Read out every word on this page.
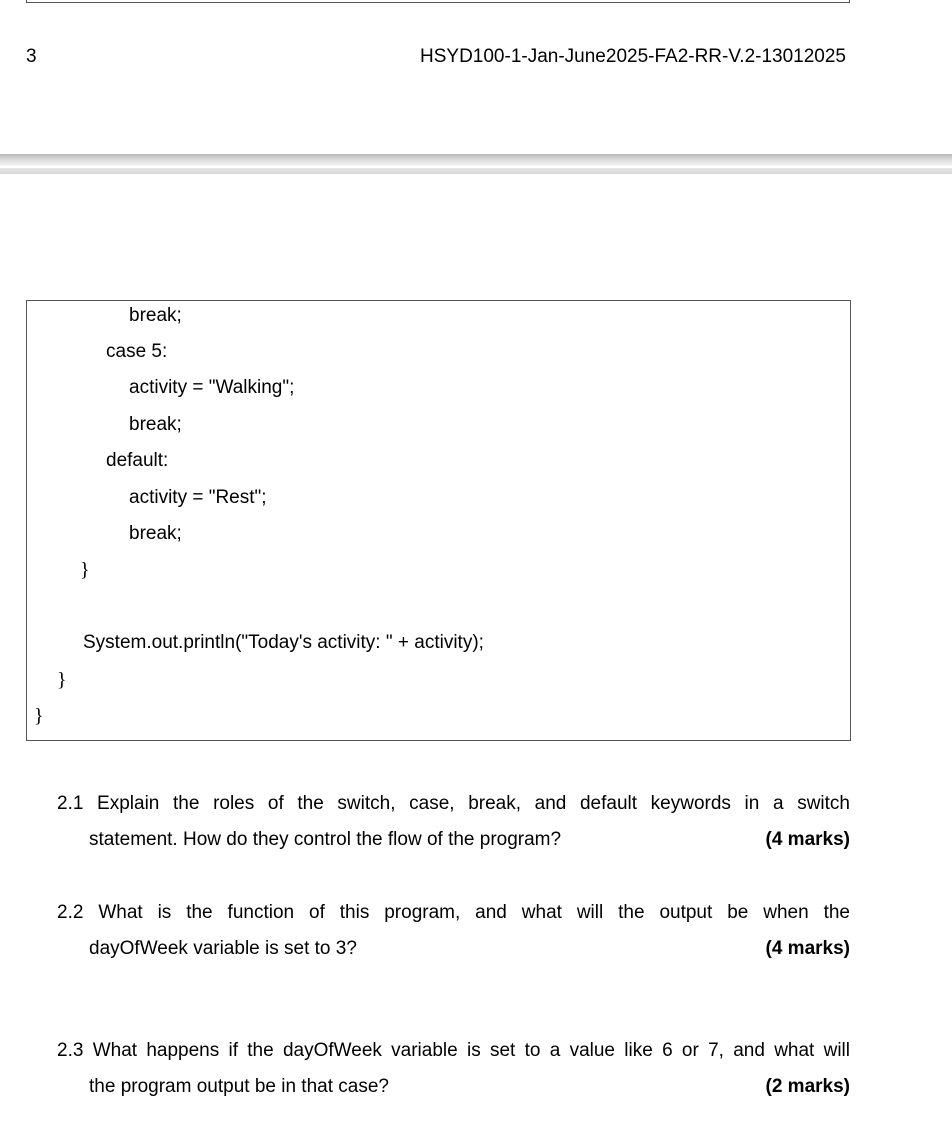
3	HSYD100-1-Jan-June2025-FA2-RR-V.2-13012025
break;
case 5:
activity = "Walking";
break;
default:
activity = "Rest";
break;
}
System.out.println("Today's activity: " + activity);
}
}
2.1 Explain the roles of the switch, case, break, and default keywords in a switch
statement. How do they control the flow of the program?	(4 marks)
2.2 What is the function of this program, and what will the output be when the
dayOfWeek variable is set to 3?	(4 marks)
2.3 What happens if the dayOfWeek variable is set to a value like 6 or 7, and what will
the program output be in that case?	(2 marks)
